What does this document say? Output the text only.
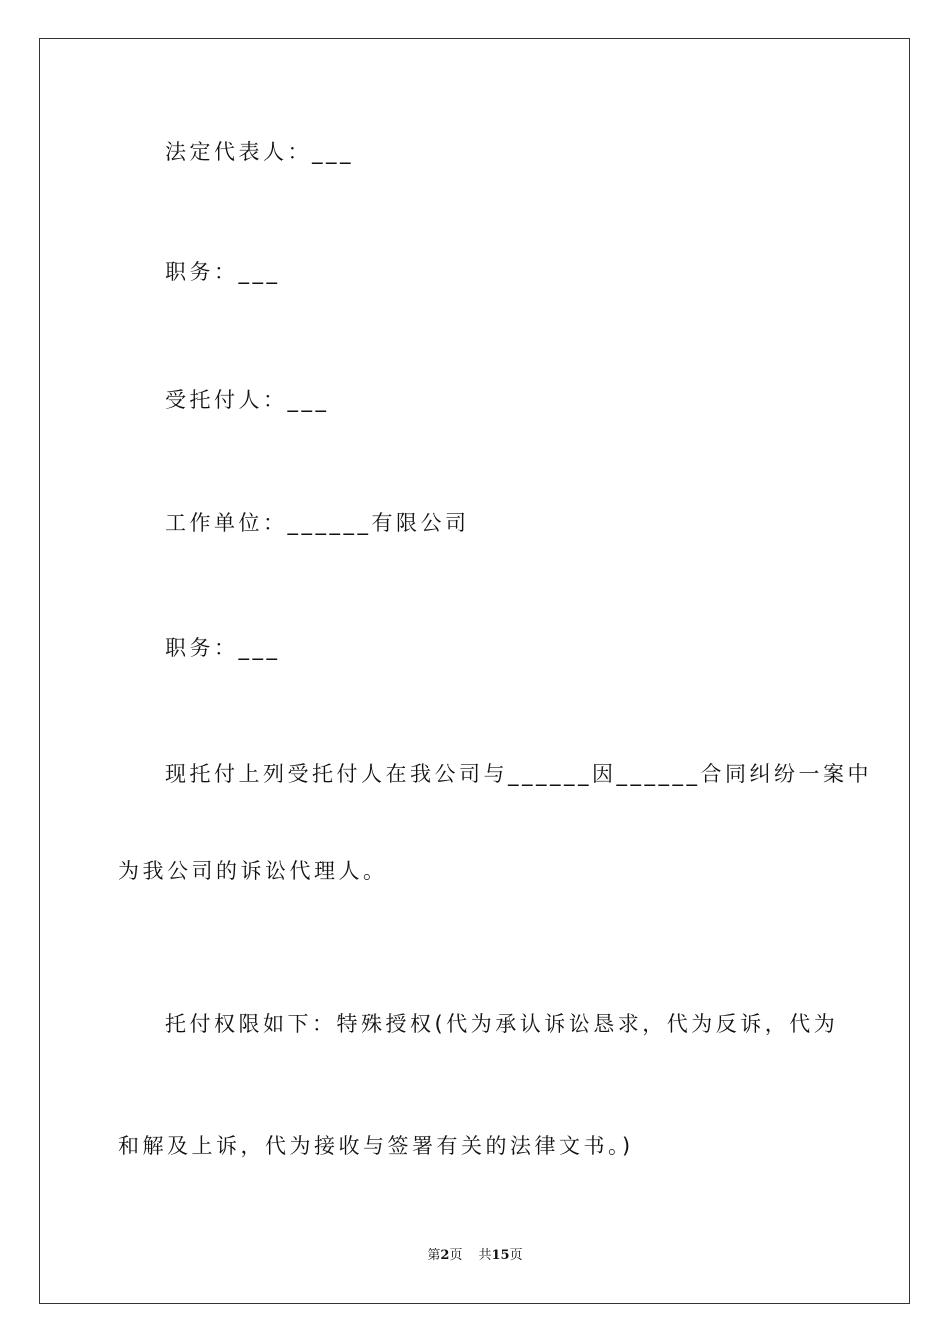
法定代表人：___
职务：___
受托付人：___
工作单位：______有限公司
职务：___
现托付上列受托付人在我公司与______因______合同纠纷一案中
为我公司的诉讼代理人。
托付权限如下：特殊授权(代为承认诉讼恳求，代为反诉，代为
和解及上诉，代为接收与签署有关的法律文书。)
第2页 共15页
